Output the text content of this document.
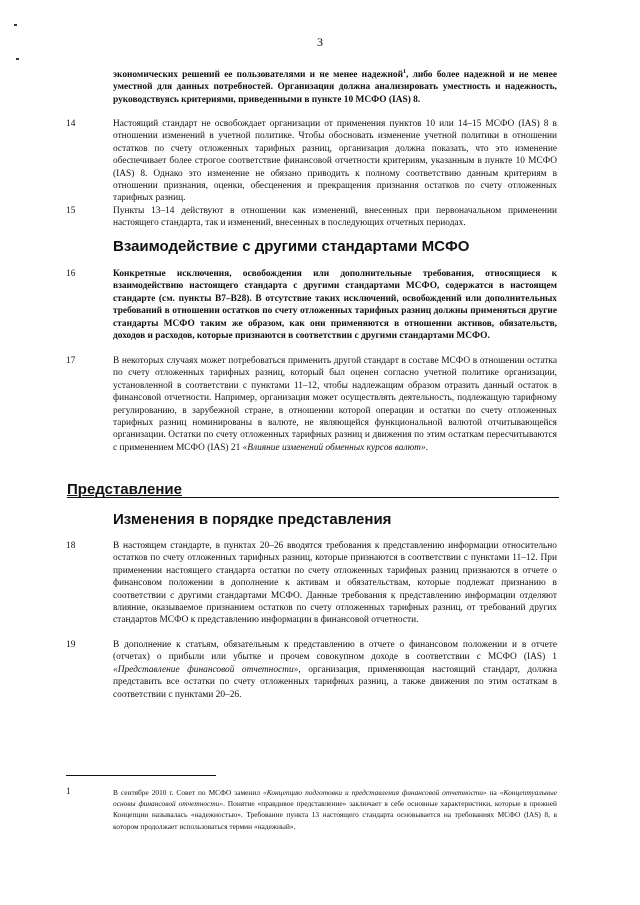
3
экономических решений ее пользователями и не менее надежной$^1$, либо более надежной и не менее уместной для данных потребностей. Организация должна анализировать уместность и надежность, руководствуясь критериями, приведенными в пункте 10 МСФО (IAS) 8.
14	Настоящий стандарт не освобождает организации от применения пунктов 10 или 14–15 МСФО (IAS) 8 в отношении изменений в учетной политике. Чтобы обосновать изменение учетной политики в отношении остатков по счету отложенных тарифных разниц, организация должна показать, что это изменение обеспечивает более строгое соответствие финансовой отчетности критериям, указанным в пункте 10 МСФО (IAS) 8. Однако это изменение не обязано приводить к полному соответствию данным критериям в отношении признания, оценки, обесценения и прекращения признания остатков по счету отложенных тарифных разниц.
15	Пункты 13–14 действуют в отношении как изменений, внесенных при первоначальном применении настоящего стандарта, так и изменений, внесенных в последующих отчетных периодах.
Взаимодействие с другими стандартами МСФО
16	Конкретные исключения, освобождения или дополнительные требования, относящиеся к взаимодействию настоящего стандарта с другими стандартами МСФО, содержатся в настоящем стандарте (см. пункты B7–B28). В отсутствие таких исключений, освобождений или дополнительных требований в отношении остатков по счету отложенных тарифных разниц должны применяться другие стандарты МСФО таким же образом, как они применяются в отношении активов, обязательств, доходов и расходов, которые признаются в соответствии с другими стандартами МСФО.
17	В некоторых случаях может потребоваться применить другой стандарт в составе МСФО в отношении остатка по счету отложенных тарифных разниц, который был оценен согласно учетной политике организации, установленной в соответствии с пунктами 11–12, чтобы надлежащим образом отразить данный остаток в финансовой отчетности. Например, организация может осуществлять деятельность, подлежащую тарифному регулированию, в зарубежной стране, в отношении которой операции и остатки по счету отложенных тарифных разниц номинированы в валюте, не являющейся функциональной валютой отчитывающейся организации. Остатки по счету отложенных тарифных разниц и движения по этим остаткам пересчитываются с применением МСФО (IAS) 21 «Влияние изменений обменных курсов валют».
Представление
Изменения в порядке представления
18	В настоящем стандарте, в пунктах 20–26 вводятся требования к представлению информации относительно остатков по счету отложенных тарифных разниц, которые признаются в соответствии с пунктами 11–12. При применении настоящего стандарта остатки по счету отложенных тарифных разниц признаются в отчете о финансовом положении в дополнение к активам и обязательствам, которые подлежат признанию в соответствии с другими стандартами МСФО. Данные требования к представлению информации отделяют влияние, оказываемое признанием остатков по счету отложенных тарифных разниц, от требований других стандартов МСФО к представлению информации в финансовой отчетности.
19	В дополнение к статьям, обязательным к представлению в отчете о финансовом положении и в отчете (отчетах) о прибыли или убытке и прочем совокупном доходе в соответствии с МСФО (IAS) 1 «Представление финансовой отчетности», организация, применяющая настоящий стандарт, должна представить все остатки по счету отложенных тарифных разниц, а также движения по этим остаткам в соответствии с пунктами 20–26.
1	В сентябре 2010 г. Совет по МСФО заменил «Концепцию подготовки и представления финансовой отчетности» на «Концептуальные основы финансовой отчетности». Понятие «правдивое представление» заключает в себе основные характеристики, которые в прежней Концепции называлась «надежностью». Требование пункта 13 настоящего стандарта основывается на требованиях МСФО (IAS) 8, в котором продолжает использоваться термин «надежный».
